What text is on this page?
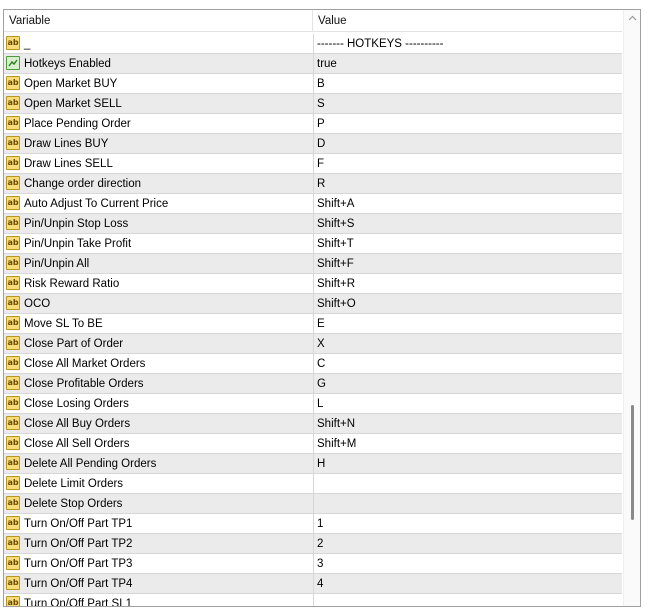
Variable	Value
ab _	------- HOTKEYS ----------
Hotkeys Enabled	true
ab Open Market BUY	B
ab Open Market SELL	S
ab Place Pending Order	P
ab Draw Lines BUY	D
ab Draw Lines SELL	F
ab Change order direction	R
ab Auto Adjust To Current Price	Shift+A
ab Pin/Unpin Stop Loss	Shift+S
ab Pin/Unpin Take Profit	Shift+T
ab Pin/Unpin All	Shift+F
ab Risk Reward Ratio	Shift+R
ab OCO	Shift+O
ab Move SL To BE	E
ab Close Part of Order	X
ab Close All Market Orders	C
ab Close Profitable Orders	G
ab Close Losing Orders	L
ab Close All Buy Orders	Shift+N
ab Close All Sell Orders	Shift+M
ab Delete All Pending Orders	H
ab Delete Limit Orders
ab Delete Stop Orders
ab Turn On/Off Part TP1	1
ab Turn On/Off Part TP2	2
ab Turn On/Off Part TP3	3
ab Turn On/Off Part TP4	4
ab Turn On/Off Part SL1
